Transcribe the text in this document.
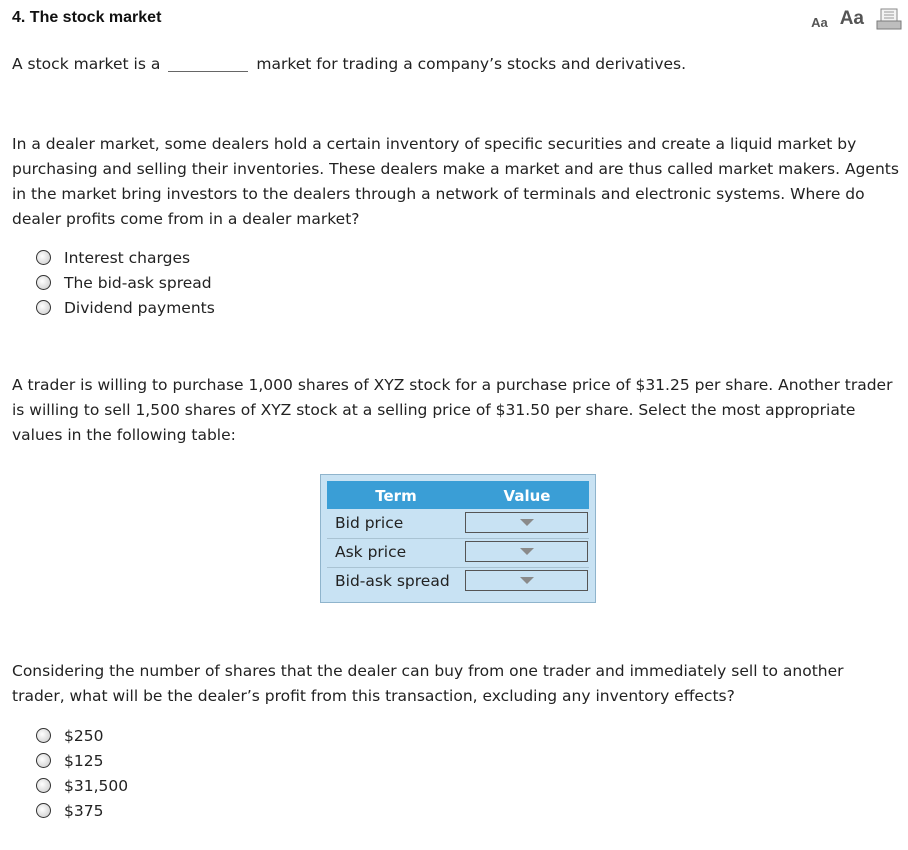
4. The stock market	Aa Aa
A stock market is a	market for trading a company’s stocks and derivatives.

In a dealer market, some dealers hold a certain inventory of specific securities and create a liquid market by purchasing and selling their inventories. These dealers make a market and are thus called market makers. Agents in the market bring investors to the dealers through a network of terminals and electronic systems. Where do dealer profits come from in a dealer market?

Interest charges
The bid-ask spread
Dividend payments

A trader is willing to purchase 1,000 shares of XYZ stock for a purchase price of $31.25 per share. Another trader is willing to sell 1,500 shares of XYZ stock at a selling price of $31.50 per share. Select the most appropriate values in the following table:

Term	Value
Bid price
Ask price
Bid-ask spread

Considering the number of shares that the dealer can buy from one trader and immediately sell to another trader, what will be the dealer’s profit from this transaction, excluding any inventory effects?

$250
$125
$31,500
$375
